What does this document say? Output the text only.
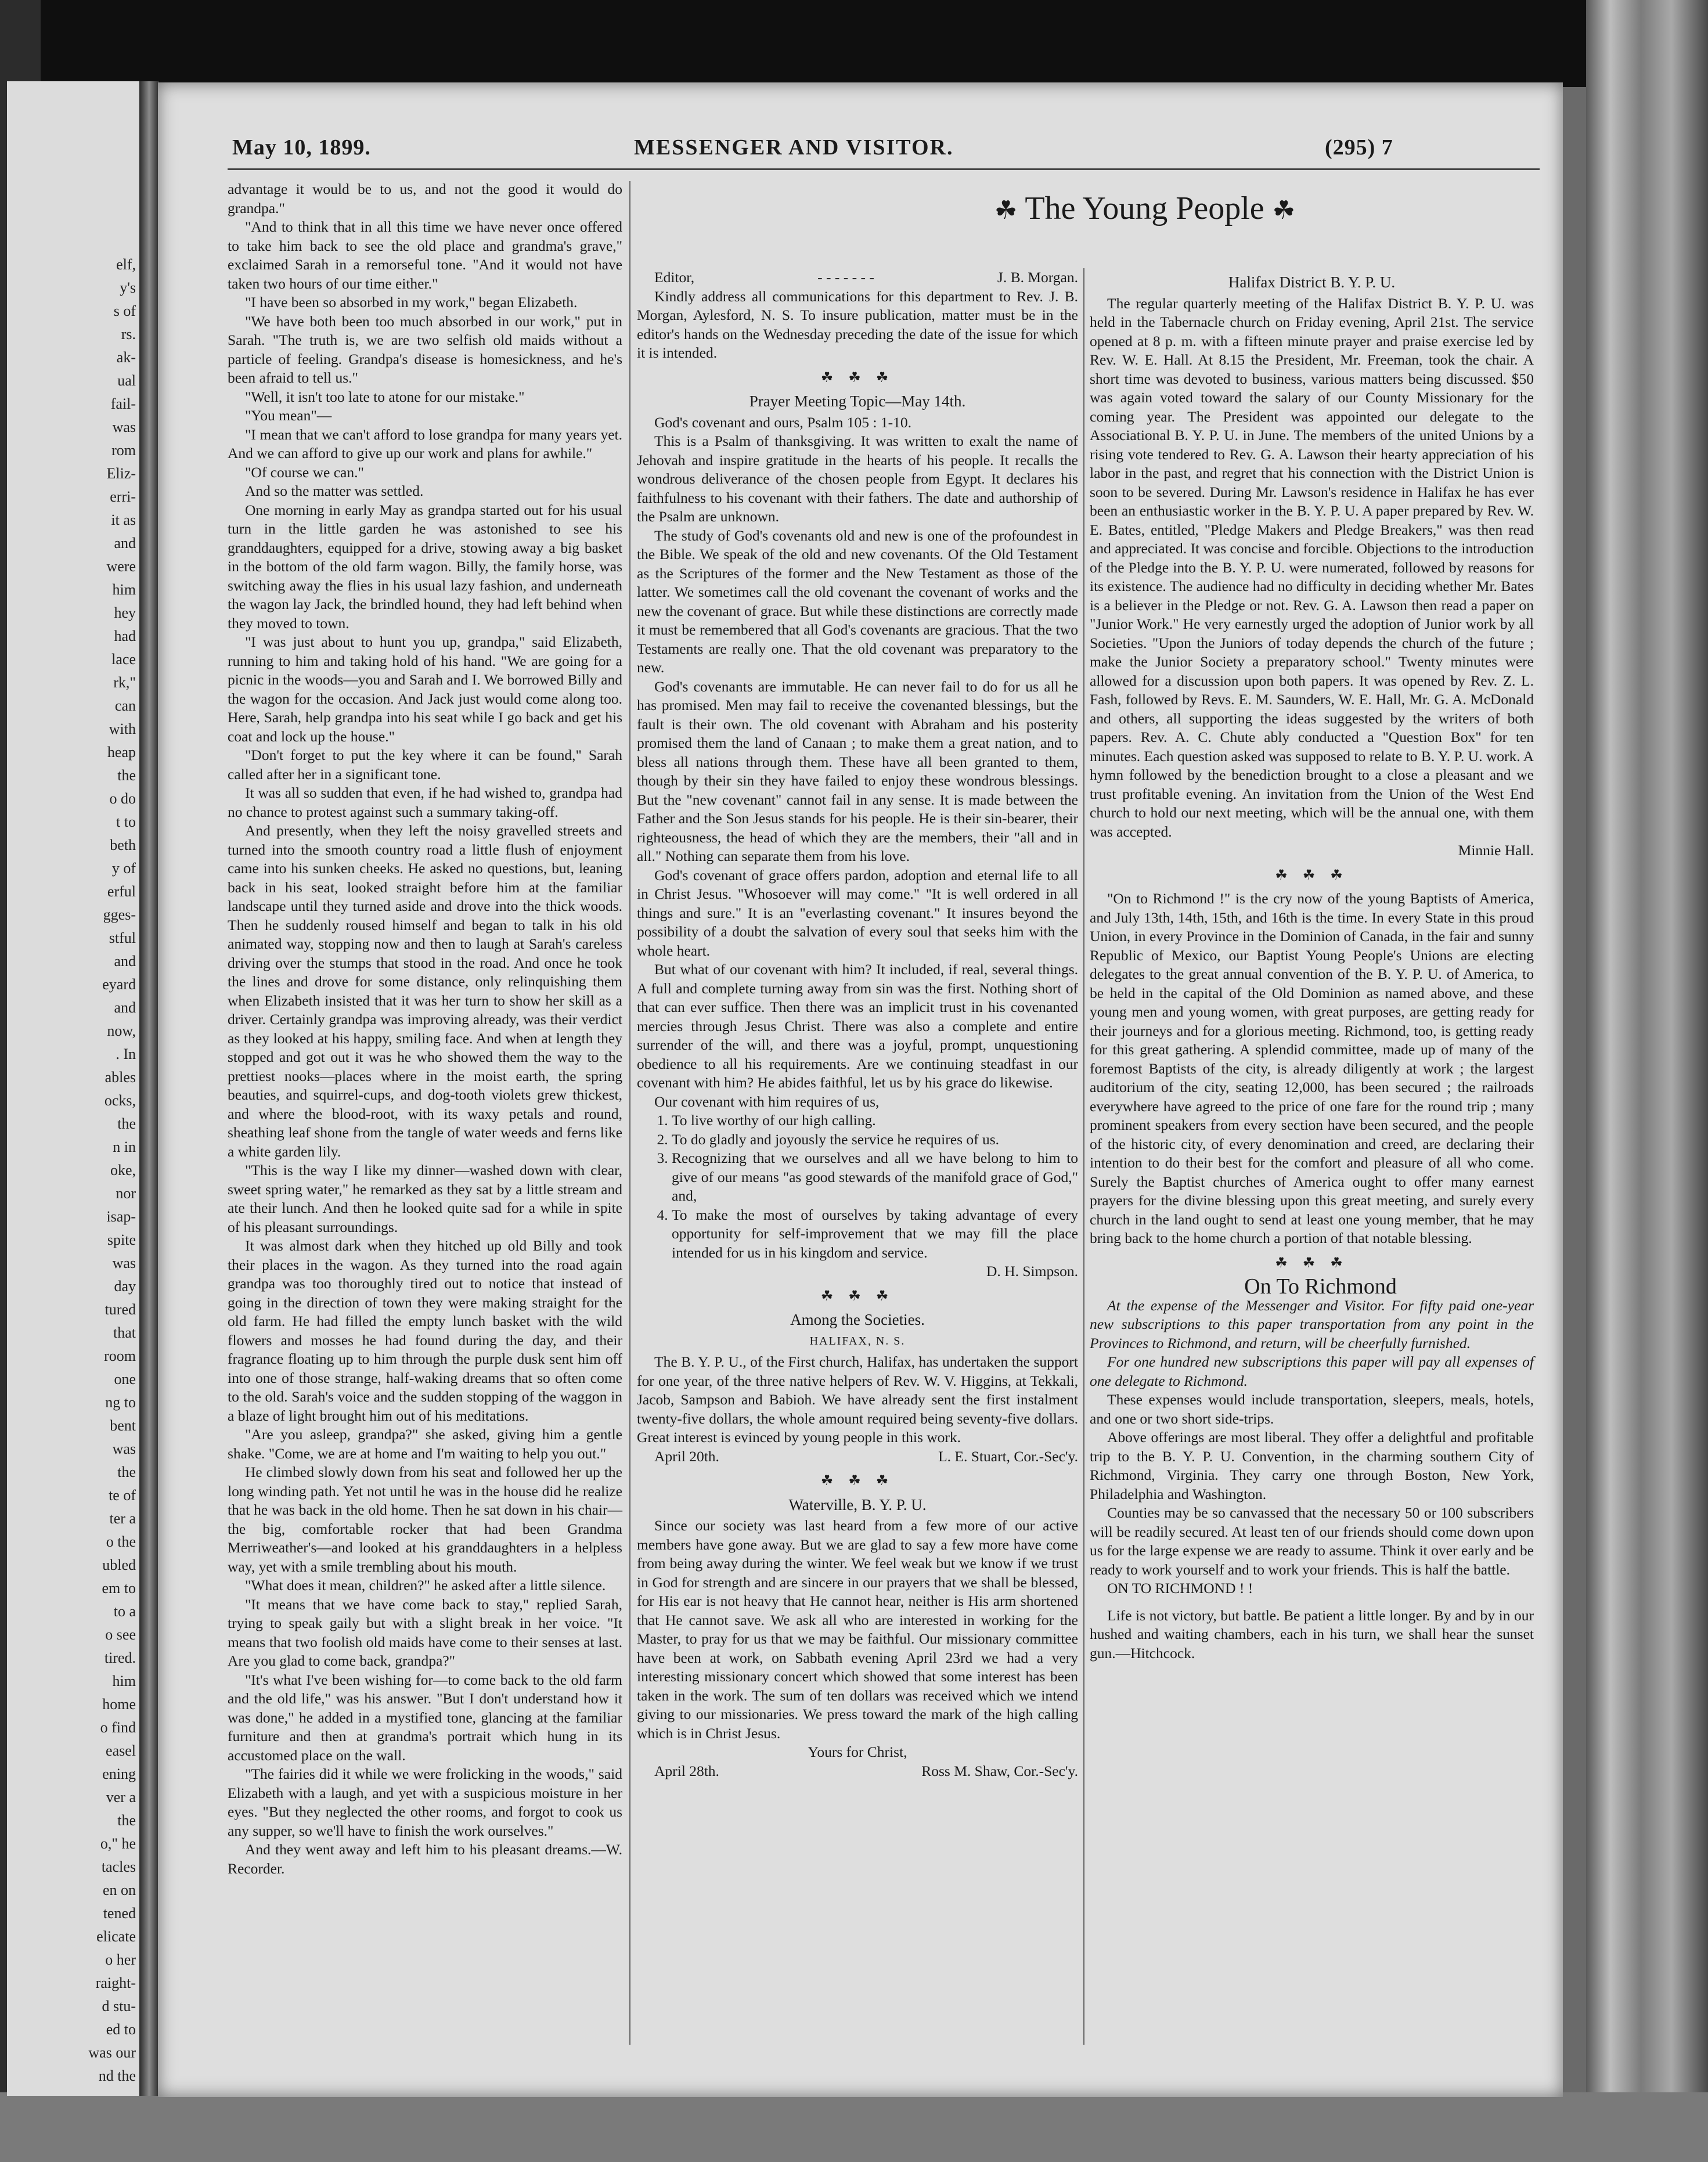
elf,
y's
s of
rs.
ak-
ual
fail-
was
rom
Eliz-
erri-
it as
and
were
him
hey
had
lace
rk,"
can
with
heap
the
o do
t to
beth
y of
erful
gges-
stful
and
eyard
and
now,
. In
ables
ocks,
the
n in
oke,
nor
isap-
spite
was
day
tured
that
room
one
ng to
bent
was
the
te of
ter a
o the
ubled
em to
to a
o see
tired.
him
home
o find
easel
ening
ver a
the
o," he
tacles
en on
tened
elicate
o her
raight-
d stu-
ed to
was our
nd the
May 10, 1899.	MESSENGER AND VISITOR.	(295) 7

advantage it would be to us, and not the good it would do grandpa."

"And to think that in all this time we have never once offered to take him back to see the old place and grandma's grave," exclaimed Sarah in a remorseful tone. "And it would not have taken two hours of our time either."

"I have been so absorbed in my work," began Elizabeth.

"We have both been too much absorbed in our work," put in Sarah. "The truth is, we are two selfish old maids without a particle of feeling. Grandpa's disease is homesickness, and he's been afraid to tell us."

"Well, it isn't too late to atone for our mistake."

"You mean"—

"I mean that we can't afford to lose grandpa for many years yet. And we can afford to give up our work and plans for awhile."

"Of course we can."

And so the matter was settled.

One morning in early May as grandpa started out for his usual turn in the little garden he was astonished to see his granddaughters, equipped for a drive, stowing away a big basket in the bottom of the old farm wagon. Billy, the family horse, was switching away the flies in his usual lazy fashion, and underneath the wagon lay Jack, the brindled hound, they had left behind when they moved to town.

"I was just about to hunt you up, grandpa," said Elizabeth, running to him and taking hold of his hand. "We are going for a picnic in the woods—you and Sarah and I. We borrowed Billy and the wagon for the occasion. And Jack just would come along too. Here, Sarah, help grandpa into his seat while I go back and get his coat and lock up the house."

"Don't forget to put the key where it can be found," Sarah called after her in a significant tone.

It was all so sudden that even, if he had wished to, grandpa had no chance to protest against such a summary taking-off.

And presently, when they left the noisy gravelled streets and turned into the smooth country road a little flush of enjoyment came into his sunken cheeks. He asked no questions, but, leaning back in his seat, looked straight before him at the familiar landscape until they turned aside and drove into the thick woods. Then he suddenly roused himself and began to talk in his old animated way, stopping now and then to laugh at Sarah's careless driving over the stumps that stood in the road. And once he took the lines and drove for some distance, only relinquishing them when Elizabeth insisted that it was her turn to show her skill as a driver. Certainly grandpa was improving already, was their verdict as they looked at his happy, smiling face. And when at length they stopped and got out it was he who showed them the way to the prettiest nooks—places where in the moist earth, the spring beauties, and squirrel-cups, and dog-tooth violets grew thickest, and where the blood-root, with its waxy petals and round, sheathing leaf shone from the tangle of water weeds and ferns like a white garden lily.

"This is the way I like my dinner—washed down with clear, sweet spring water," he remarked as they sat by a little stream and ate their lunch. And then he looked quite sad for a while in spite of his pleasant surroundings.

It was almost dark when they hitched up old Billy and took their places in the wagon. As they turned into the road again grandpa was too thoroughly tired out to notice that instead of going in the direction of town they were making straight for the old farm. He had filled the empty lunch basket with the wild flowers and mosses he had found during the day, and their fragrance floating up to him through the purple dusk sent him off into one of those strange, half-waking dreams that so often come to the old. Sarah's voice and the sudden stopping of the waggon in a blaze of light brought him out of his meditations.

"Are you asleep, grandpa?" she asked, giving him a gentle shake. "Come, we are at home and I'm waiting to help you out."

He climbed slowly down from his seat and followed her up the long winding path. Yet not until he was in the house did he realize that he was back in the old home. Then he sat down in his chair—the big, comfortable rocker that had been Grandma Merriweather's—and looked at his granddaughters in a helpless way, yet with a smile trembling about his mouth.

"What does it mean, children?" he asked after a little silence.

"It means that we have come back to stay," replied Sarah, trying to speak gaily but with a slight break in her voice. "It means that two foolish old maids have come to their senses at last. Are you glad to come back, grandpa?"

"It's what I've been wishing for—to come back to the old farm and the old life," was his answer. "But I don't understand how it was done," he added in a mystified tone, glancing at the familiar furniture and then at grandma's portrait which hung in its accustomed place on the wall.

"The fairies did it while we were frolicking in the woods," said Elizabeth with a laugh, and yet with a suspicious moisture in her eyes. "But they neglected the other rooms, and forgot to cook us any supper, so we'll have to finish the work ourselves."

And they went away and left him to his pleasant dreams.—W. Recorder.

☘ The Young People ☘

Editor,	- - - - - - -	J. B. Morgan.

Kindly address all communications for this department to Rev. J. B. Morgan, Aylesford, N. S. To insure publication, matter must be in the editor's hands on the Wednesday preceding the date of the issue for which it is intended.

☘ ☘ ☘

Prayer Meeting Topic—May 14th.

God's covenant and ours, Psalm 105 : 1-10.

This is a Psalm of thanksgiving. It was written to exalt the name of Jehovah and inspire gratitude in the hearts of his people. It recalls the wondrous deliverance of the chosen people from Egypt. It declares his faithfulness to his covenant with their fathers. The date and authorship of the Psalm are unknown.

The study of God's covenants old and new is one of the profoundest in the Bible. We speak of the old and new covenants. Of the Old Testament as the Scriptures of the former and the New Testament as those of the latter. We sometimes call the old covenant the covenant of works and the new the covenant of grace. But while these distinctions are correctly made it must be remembered that all God's covenants are gracious. That the two Testaments are really one. That the old covenant was preparatory to the new.

God's covenants are immutable. He can never fail to do for us all he has promised. Men may fail to receive the covenanted blessings, but the fault is their own. The old covenant with Abraham and his posterity promised them the land of Canaan ; to make them a great nation, and to bless all nations through them. These have all been granted to them, though by their sin they have failed to enjoy these wondrous blessings. But the "new covenant" cannot fail in any sense. It is made between the Father and the Son Jesus stands for his people. He is their sin-bearer, their righteousness, the head of which they are the members, their "all and in all." Nothing can separate them from his love.

God's covenant of grace offers pardon, adoption and eternal life to all in Christ Jesus. "Whosoever will may come." "It is well ordered in all things and sure." It is an "everlasting covenant." It insures beyond the possibility of a doubt the salvation of every soul that seeks him with the whole heart.

But what of our covenant with him? It included, if real, several things. A full and complete turning away from sin was the first. Nothing short of that can ever suffice. Then there was an implicit trust in his covenanted mercies through Jesus Christ. There was also a complete and entire surrender of the will, and there was a joyful, prompt, unquestioning obedience to all his requirements. Are we continuing steadfast in our covenant with him? He abides faithful, let us by his grace do likewise.

Our covenant with him requires of us,

1. To live worthy of our high calling.
2. To do gladly and joyously the service he requires of us.
3. Recognizing that we ourselves and all we have belong to him to give of our means "as good stewards of the manifold grace of God," and,
4. To make the most of ourselves by taking advantage of every opportunity for self-improvement that we may fill the place intended for us in his kingdom and service.

D. H. Simpson.

☘ ☘ ☘

Among the Societies.

HALIFAX, N. S.

The B. Y. P. U., of the First church, Halifax, has undertaken the support for one year, of the three native helpers of Rev. W. V. Higgins, at Tekkali, Jacob, Sampson and Babioh. We have already sent the first instalment twenty-five dollars, the whole amount required being seventy-five dollars. Great interest is evinced by young people in this work.

April 20th.	L. E. Stuart, Cor.-Sec'y.

☘ ☘ ☘

Waterville, B. Y. P. U.

Since our society was last heard from a few more of our active members have gone away. But we are glad to say a few more have come from being away during the winter. We feel weak but we know if we trust in God for strength and are sincere in our prayers that we shall be blessed, for His ear is not heavy that He cannot hear, neither is His arm shortened that He cannot save. We ask all who are interested in working for the Master, to pray for us that we may be faithful. Our missionary committee have been at work, on Sabbath evening April 23rd we had a very interesting missionary concert which showed that some interest has been taken in the work. The sum of ten dollars was received which we intend giving to our missionaries. We press toward the mark of the high calling which is in Christ Jesus.

Yours for Christ,

April 28th.	Ross M. Shaw, Cor.-Sec'y.

Halifax District B. Y. P. U.

The regular quarterly meeting of the Halifax District B. Y. P. U. was held in the Tabernacle church on Friday evening, April 21st. The service opened at 8 p. m. with a fifteen minute prayer and praise exercise led by Rev. W. E. Hall. At 8.15 the President, Mr. Freeman, took the chair. A short time was devoted to business, various matters being discussed. $50 was again voted toward the salary of our County Missionary for the coming year. The President was appointed our delegate to the Associational B. Y. P. U. in June. The members of the united Unions by a rising vote tendered to Rev. G. A. Lawson their hearty appreciation of his labor in the past, and regret that his connection with the District Union is soon to be severed. During Mr. Lawson's residence in Halifax he has ever been an enthusiastic worker in the B. Y. P. U. A paper prepared by Rev. W. E. Bates, entitled, "Pledge Makers and Pledge Breakers," was then read and appreciated. It was concise and forcible. Objections to the introduction of the Pledge into the B. Y. P. U. were numerated, followed by reasons for its existence. The audience had no difficulty in deciding whether Mr. Bates is a believer in the Pledge or not. Rev. G. A. Lawson then read a paper on "Junior Work." He very earnestly urged the adoption of Junior work by all Societies. "Upon the Juniors of today depends the church of the future ; make the Junior Society a preparatory school." Twenty minutes were allowed for a discussion upon both papers. It was opened by Rev. Z. L. Fash, followed by Revs. E. M. Saunders, W. E. Hall, Mr. G. A. McDonald and others, all supporting the ideas suggested by the writers of both papers. Rev. A. C. Chute ably conducted a "Question Box" for ten minutes. Each question asked was supposed to relate to B. Y. P. U. work. A hymn followed by the benediction brought to a close a pleasant and we trust profitable evening. An invitation from the Union of the West End church to hold our next meeting, which will be the annual one, with them was accepted.

Minnie Hall.

☘ ☘ ☘

"On to Richmond !" is the cry now of the young Baptists of America, and July 13th, 14th, 15th, and 16th is the time. In every State in this proud Union, in every Province in the Dominion of Canada, in the fair and sunny Republic of Mexico, our Baptist Young People's Unions are electing delegates to the great annual convention of the B. Y. P. U. of America, to be held in the capital of the Old Dominion as named above, and these young men and young women, with great purposes, are getting ready for their journeys and for a glorious meeting. Richmond, too, is getting ready for this great gathering. A splendid committee, made up of many of the foremost Baptists of the city, is already diligently at work ; the largest auditorium of the city, seating 12,000, has been secured ; the railroads everywhere have agreed to the price of one fare for the round trip ; many prominent speakers from every section have been secured, and the people of the historic city, of every denomination and creed, are declaring their intention to do their best for the comfort and pleasure of all who come. Surely the Baptist churches of America ought to offer many earnest prayers for the divine blessing upon this great meeting, and surely every church in the land ought to send at least one young member, that he may bring back to the home church a portion of that notable blessing.

☘ ☘ ☘

On To Richmond

At the expense of the Messenger and Visitor. For fifty paid one-year new subscriptions to this paper transportation from any point in the Provinces to Richmond, and return, will be cheerfully furnished.

For one hundred new subscriptions this paper will pay all expenses of one delegate to Richmond.

These expenses would include transportation, sleepers, meals, hotels, and one or two short side-trips.

Above offerings are most liberal. They offer a delightful and profitable trip to the B. Y. P. U. Convention, in the charming southern City of Richmond, Virginia. They carry one through Boston, New York, Philadelphia and Washington.

Counties may be so canvassed that the necessary 50 or 100 subscribers will be readily secured. At least ten of our friends should come down upon us for the large expense we are ready to assume. Think it over early and be ready to work yourself and to work your friends. This is half the battle.

ON TO RICHMOND ! !

Life is not victory, but battle. Be patient a little longer. By and by in our hushed and waiting chambers, each in his turn, we shall hear the sunset gun.—Hitchcock.
